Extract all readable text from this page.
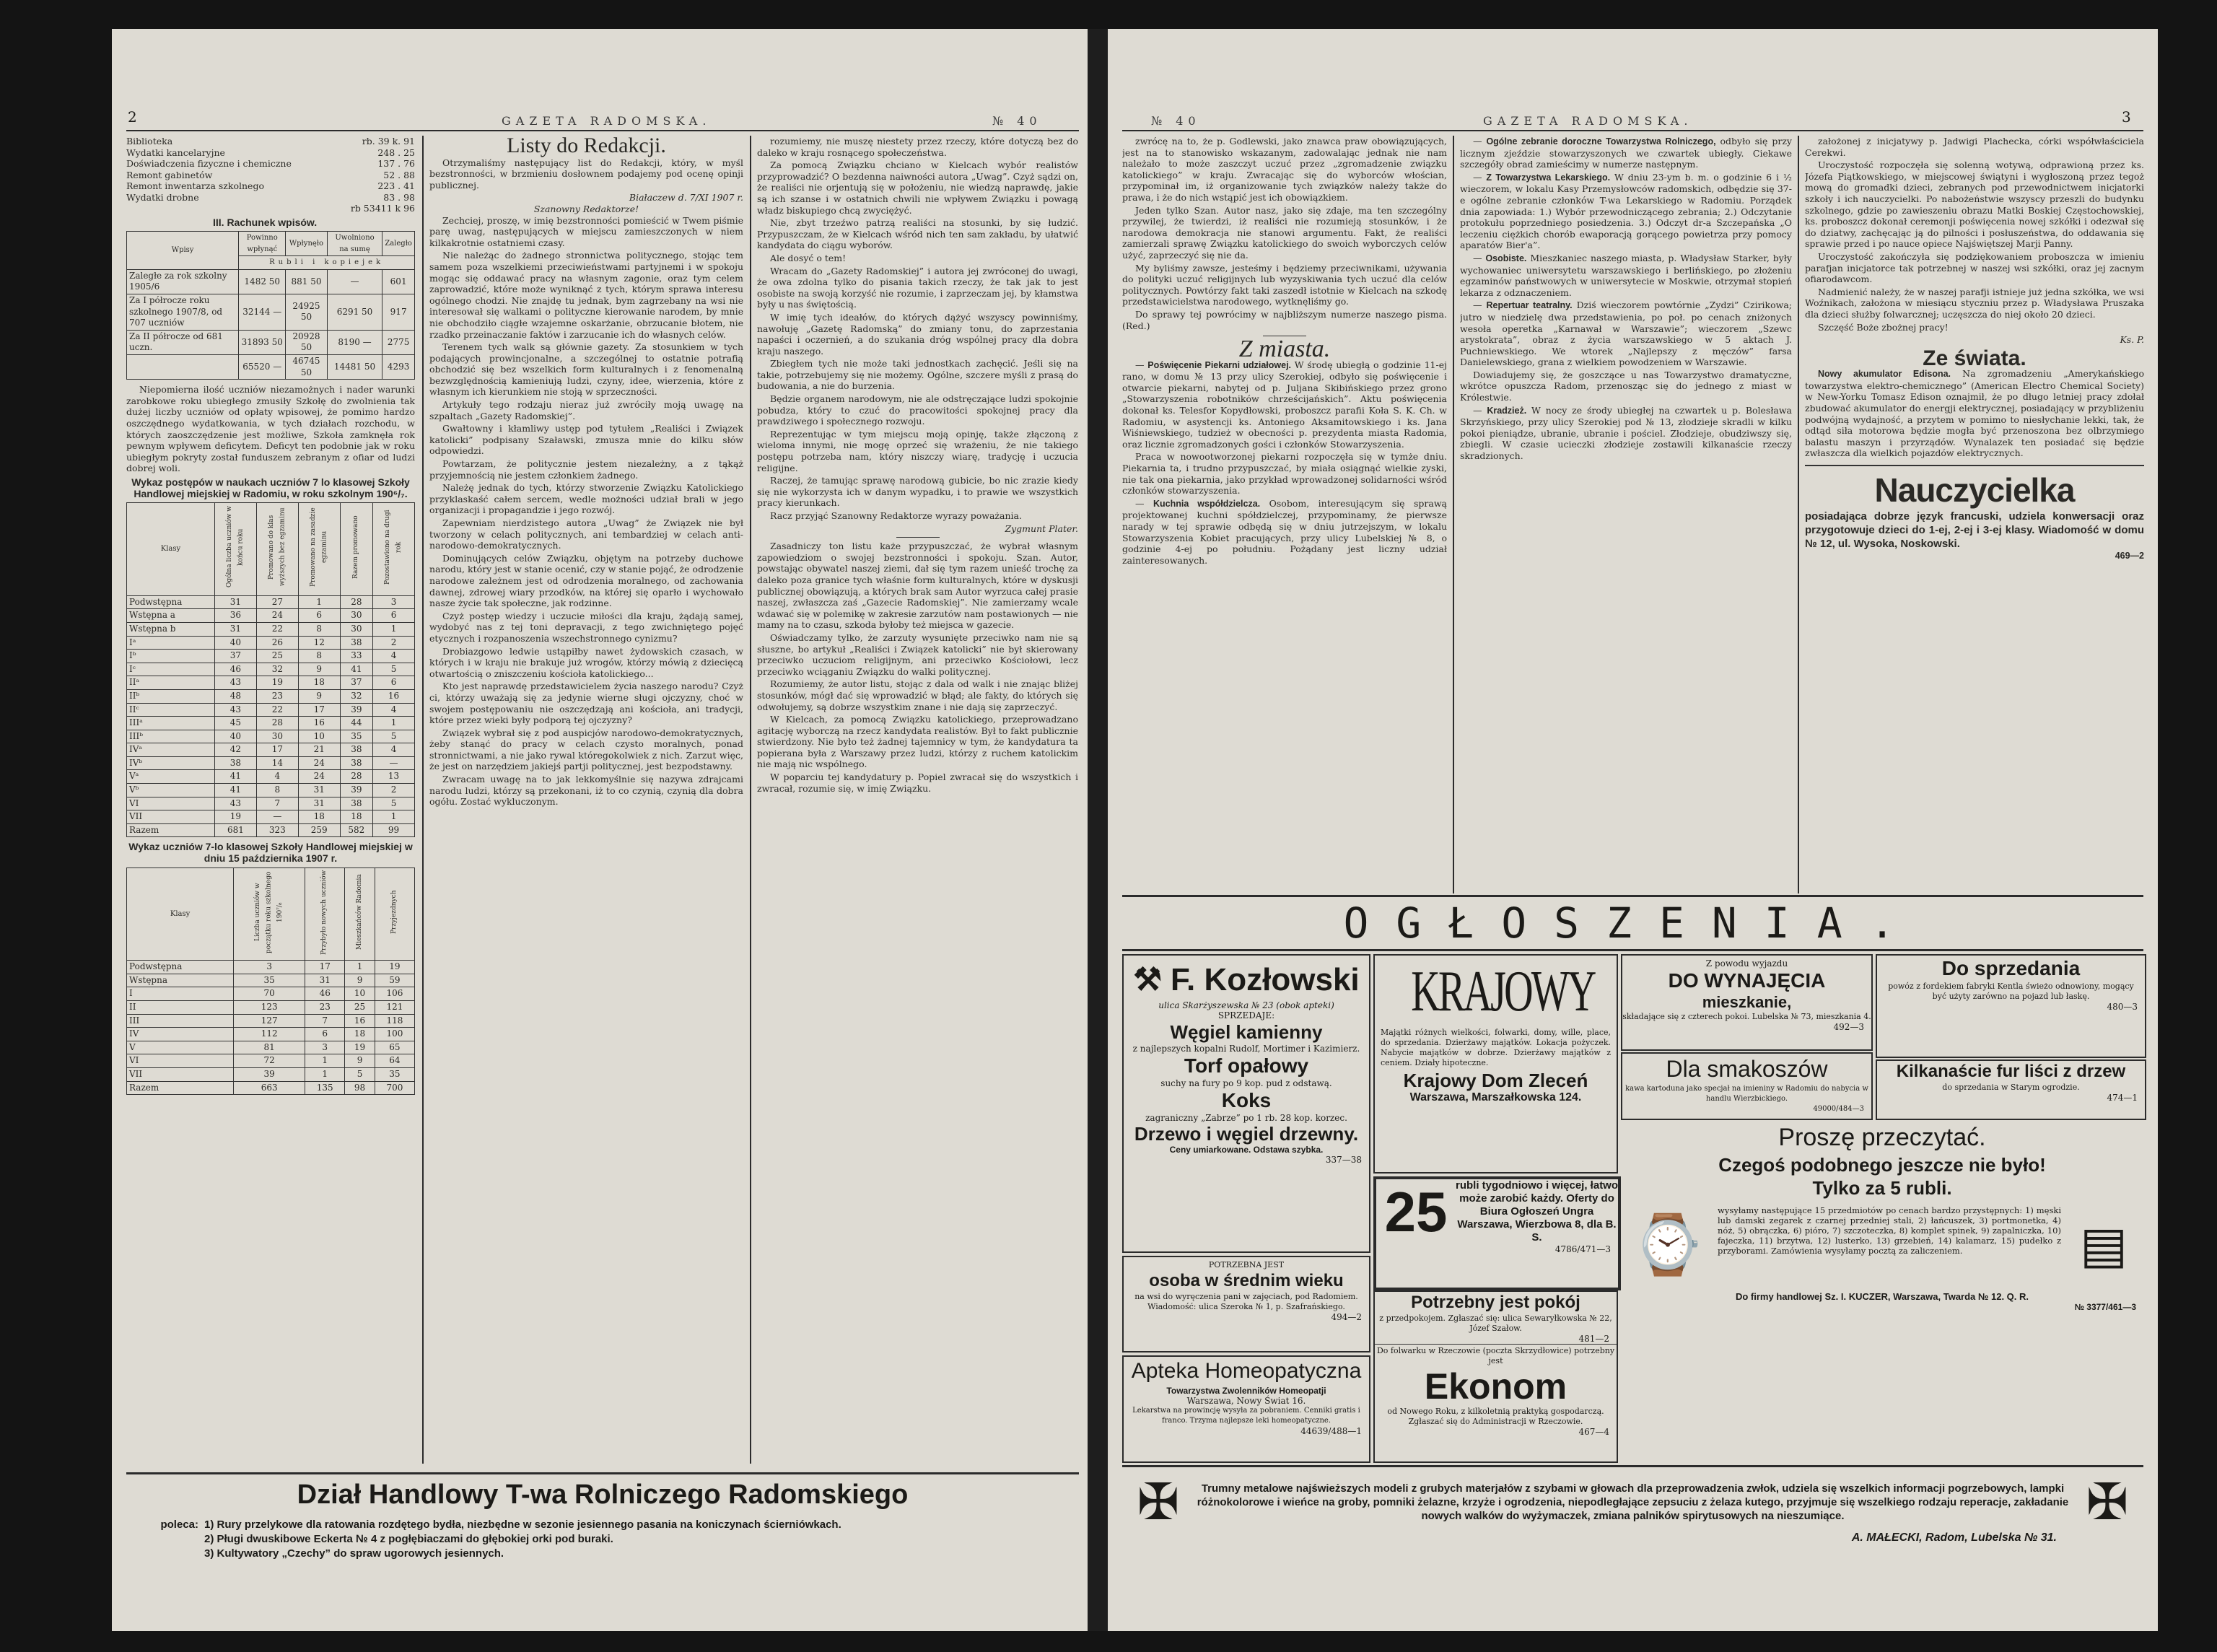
2	GAZETA RADOMSKA.	№ 40
Biblioteka	rb. 39 k. 91
Wydatki kancelaryjne	248 . 25
Doświadczenia fizyczne i chemiczne	137 . 76
Remont gabinetów	52 . 88
Remont inwentarza szkolnego	223 . 41
Wydatki drobne	83 . 98
rb 53411 k 96
III. Rachunek wpisów.
Wpisy	Powinno wpłynąć	Wpłynęło	Uwolniono na sumę	Zaległo
	Rubli i kopiejek			
Zaległe za rok szkolny 1905/6	1482 50	881 50	—	601
Za I półrocze roku szkolnego 1907/8, od 707 uczniów	32144 —	24925 50	6291 50	917
Za II półrocze od 681 uczn.	31893 50	20928 50	8190 —	2775
	65520 —	46745 50	14481 50	4293

Niepomierna ilość uczniów niezamożnych i nader warunki zarobkowe roku ubiegłego zmusiły Szkołę do zwolnienia tak dużej liczby uczniów od opłaty wpisowej, że pomimo hardzo oszczędnego wydatkowania, w tych działach rozchodu, w których zaoszczędzenie jest możliwe, Szkoła zamknęła rok pewnym wpływem deficytem. Deficyt ten podobnie jak w roku ubiegłym pokryty został funduszem zebranym z ofiar od ludzi dobrej woli.

Wykaz postępów w naukach uczniów 7 lo klasowej Szkoły Handlowej miejskiej w Radomiu, w roku szkolnym 190⁶/₇.
Klasy	Ogólna liczba uczniów w końcu roku	Promowano do klas wyższych bez egzaminu	Promowano na zasadzie egzaminu	Razem promowano	Pozostawiono na drugi rok
Podwstępna	31	27	1	28	3
Wstępna a	36	24	6	30	6
Wstępna b	31	22	8	30	1
Iᵃ	40	26	12	38	2
Iᵇ	37	25	8	33	4
Iᶜ	46	32	9	41	5
IIᵃ	43	19	18	37	6
IIᵇ	48	23	9	32	16
IIᶜ	43	22	17	39	4
IIIᵃ	45	28	16	44	1
IIIᵇ	40	30	10	35	5
IVᵃ	42	17	21	38	4
IVᵇ	38	14	24	38	—
Vᵃ	41	4	24	28	13
Vᵇ	41	8	31	39	2
VI	43	7	31	38	5
VII	19	—	18	18	1
Razem	681	323	259	582	99
Wykaz uczniów 7-lo klasowej Szkoły Handlowej miejskiej w dniu 15 października 1907 r.
Klasy	Liczba uczniów w początku roku szkolnego 190⁷/₈	Przybyło nowych uczniów	Mieszkańców Radomia	Przyjezdnych
Podwstępna	3	17	1	19
Wstępna	35	31	9	59
I	70	46	10	106
II	123	23	25	121
III	127	7	16	118
IV	112	6	18	100
V	81	3	19	65
VI	72	1	9	64
VII	39	1	5	35
Razem	663	135	98	700
Listy do Redakcji.

Otrzymaliśmy następujący list do Redakcji, który, w myśl bezstronności, w brzmieniu dosłownem podajemy pod ocenę opinji publicznej.

Białaczew d. 7/XI 1907 r.
Szanowny Redaktorze!

Zechciej, proszę, w imię bezstronności pomieścić w Twem piśmie parę uwag, następujących w miejscu zamieszczonych w niem kilkakrotnie ostatniemi czasy.

Nie należąc do żadnego stronnictwa politycznego, stojąc tem samem poza wszelkiemi przeciwieństwami partyjnemi i w spokoju mogąc się oddawać pracy na własnym zagonie, oraz tym celem zaprowadzić, które może wyniknąć z tych, którym sprawa interesu ogólnego chodzi. Nie znajdę tu jednak, bym zagrzebany na wsi nie interesował się walkami o polityczne kierowanie narodem, by mnie nie obchodziło ciągłe wzajemne oskarżanie, obrzucanie błotem, nie rzadko przeinaczanie faktów i zarzucanie ich do własnych celów.

Terenem tych walk są głównie gazety. Za stosunkiem w tych podających prowincjonalne, a szczególnej to ostatnie potrafią obchodzić się bez wszelkich form kulturalnych i z fenomenalną bezwzględnością kamieniują ludzi, czyny, idee, wierzenia, które z własnym ich kierunkiem nie stoją w sprzeczności.

Artykuły tego rodzaju nieraz już zwróciły moją uwagę na szpaltach „Gazety Radomskiej”.

Gwałtowny i kłamliwy ustęp pod tytułem „Realiści i Związek katolicki” podpisany Szaławski, zmusza mnie do kilku słów odpowiedzi.

Powtarzam, że politycznie jestem niezależny, a z tąkąż przyjemnością nie jestem członkiem żadnego.

Należę jednak do tych, którzy stworzenie Związku Katolickiego przyklaskaść całem sercem, wedle możności udział brali w jego organizacji i propagandzie i jego rozwój.

Zapewniam nierdzistego autora „Uwag” że Związek nie był tworzony w celach politycznych, ani tembardziej w celach anti-narodowo-demokratycznych.

Dominujących celów Związku, objętym na potrzeby duchowe narodu, który jest w stanie ocenić, czy w stanie pojąć, że odrodzenie narodowe zależnem jest od odrodzenia moralnego, od zachowania dawnej, zdrowej wiary przodków, na której się oparło i wychowało nasze życie tak społeczne, jak rodzinne.

Czyż postęp wiedzy i uczucie miłości dla kraju, żądają samej, wydobyć nas z tej toni depravacji, z tego zwichniętego pojęć etycznych i rozpanoszenia wszechstronnego cynizmu?

Drobiazgowo ledwie ustąpiłby nawet żydowskich czasach, w których i w kraju nie brakuje już wrogów, którzy mówią z dziecięcą otwartością o zniszczeniu kościoła katolickiego...

Kto jest naprawdę przedstawicielem życia naszego narodu? Czyż ci, którzy uważają się za jedynie wierne sługi ojczyzny, choć w swojem postępowaniu nie oszczędzają ani kościoła, ani tradycji, które przez wieki były podporą tej ojczyzny?

Związek wybrał się z pod auspicjów narodowo-demokratycznych, żeby stanąć do pracy w celach czysto moralnych, ponad stronnictwami, a nie jako rywal któregokolwiek z nich. Zarzut więc, że jest on narzędziem jakiejś partji politycznej, jest bezpodstawny.

Zwracam uwagę na to jak lekkomyślnie się nazywa zdrajcami narodu ludzi, którzy są przekonani, iż to co czynią, czynią dla dobra ogółu. Zostać wykluczonym.

rozumiemy, nie muszę niestety przez rzeczy, które dotyczą bez do daleko w kraju rosnącego społeczeństwa.

Za pomocą Związku chciano w Kielcach wybór realistów przyprowadzić? O bezdenna naiwności autora „Uwag”. Czyż sądzi on, że realiści nie orjentują się w położeniu, nie wiedzą naprawdę, jakie są ich szanse i w ostatnich chwili nie wpływem Związku i powagą władz biskupiego chcą zwyciężyć.

Nie, zbyt trzeźwo patrzą realiści na stosunki, by się łudzić. Przypuszczam, że w Kielcach wśród nich ten sam zakładu, by ułatwić kandydata do ciągu wyborów.

Ale dosyć o tem!

Wracam do „Gazety Radomskiej” i autora jej zwróconej do uwagi, że owa zdolna tylko do pisania takich rzeczy, że tak jak to jest osobiste na swoją korzyść nie rozumie, i zaprzeczam jej, by kłamstwa były u nas świętością.

W imię tych ideałów, do których dążyć wszyscy powinniśmy, nawołuję „Gazetę Radomską” do zmiany tonu, do zaprzestania napaści i oczernień, a do szukania dróg wspólnej pracy dla dobra kraju naszego.

Zbiegłem tych nie może taki jednostkach zachęcić. Jeśli się na takie, potrzebujemy się nie możemy. Ogólne, szczere myśli z prasą do budowania, a nie do burzenia.

Będzie organem narodowym, nie ale odstręczające ludzi spokojnie pobudza, który to czuć do pracowitości spokojnej pracy dla prawdziwego i społecznego rozwoju.

Reprezentując w tym miejscu moją opinję, także złączoną z wieloma innymi, nie mogę oprzeć się wrażeniu, że nie takiego postępu potrzeba nam, który niszczy wiarę, tradycję i uczucia religijne.

Raczej, że tamując sprawę narodową gubicie, bo nic zrazie kiedy się nie wykorzysta ich w danym wypadku, i to prawie we wszystkich pracy kierunkach.

Racz przyjąć Szanowny Redaktorze wyrazy poważania.

Zygmunt Plater.

Zasadniczy ton listu każe przypuszczać, że wybrał własnym zapowiedziom o swojej bezstronności i spokoju. Szan. Autor, powstając obywatel naszej ziemi, dał się tym razem unieść trochę za daleko poza granice tych właśnie form kulturalnych, które w dyskusji publicznej obowiązują, a których brak sam Autor wyrzuca całej prasie naszej, zwłaszcza zaś „Gazecie Radomskiej”. Nie zamierzamy wcale wdawać się w polemikę w zakresie zarzutów nam postawionych — nie mamy na to czasu, szkoda byłoby też miejsca w gazecie.

Oświadczamy tylko, że zarzuty wysunięte przeciwko nam nie są słuszne, bo artykuł „Realiści i Związek katolicki” nie był skierowany przeciwko uczuciom religijnym, ani przeciwko Kościołowi, lecz przeciwko wciąganiu Związku do walki politycznej.

Rozumiemy, że autor listu, stojąc z dala od walk i nie znając bliżej stosunków, mógł dać się wprowadzić w błąd; ale fakty, do których się odwołujemy, są dobrze wszystkim znane i nie dają się zaprzeczyć.

W Kielcach, za pomocą Związku katolickiego, przeprowadzano agitację wyborczą na rzecz kandydata realistów. Był to fakt publicznie stwierdzony. Nie było też żadnej tajemnicy w tym, że kandydatura ta popierana była z Warszawy przez ludzi, którzy z ruchem katolickim nie mają nic wspólnego.

W poparciu tej kandydatury p. Popiel zwracał się do wszystkich i zwracał, rozumie się, w imię Związku.

Dział Handlowy T-wa Rolniczego Radomskiego
poleca: 1) Rury przelykowe dla ratowania rozdętego bydła, niezbędne w sezonie jesiennego pasania na koniczynach ścierniówkach.
2) Pługi dwuskibowe Eckerta № 4 z pogłębiaczami do głębokiej orki pod buraki.
3) Kultywatory „Czechy” do spraw ugorowych jesiennych.
№ 40	GAZETA RADOMSKA.	3

zwrócę na to, że p. Godlewski, jako znawca praw obowiązujących, jest na to stanowisko wskazanym, zadowalając jednak nie nam należało to może zaszczyt uczuć przez „zgromadzenie związku katolickiego” w kraju. Zwracając się do wyborców włościan, przypominał im, iż organizowanie tych związków należy także do prawa, i że do nich wstąpić jest ich obowiązkiem.

Jeden tylko Szan. Autor nasz, jako się zdaje, ma ten szczególny przywilej, że twierdzi, iż realiści nie rozumieją stosunków, i że narodowa demokracja nie stanowi argumentu. Fakt, że realiści zamierzali sprawę Związku katolickiego do swoich wyborczych celów użyć, zaprzeczyć się nie da.

My byliśmy zawsze, jesteśmy i będziemy przeciwnikami, używania do polityki uczuć religijnych lub wyzyskiwania tych uczuć dla celów politycznych. Powtórzy fakt taki zaszedł istotnie w Kielcach na szkodę przedstawicielstwa narodowego, wytknęliśmy go.

Do sprawy tej powrócimy w najbliższym numerze naszego pisma. (Red.)

Z miasta.

— Poświęcenie Piekarni udziałowej. W środę ubiegłą o godzinie 11-ej rano, w domu № 13 przy ulicy Szerokiej, odbyło się poświęcenie i otwarcie piekarni, nabytej od p. Juljana Skibińskiego przez grono „Stowarzyszenia robotników chrześcijańskich”. Aktu poświęcenia dokonał ks. Telesfor Kopydłowski, proboszcz parafii Koła S. K. Ch. w Radomiu, w asystencji ks. Antoniego Aksamitowskiego i ks. Jana Wiśniewskiego, tudzież w obecności p. prezydenta miasta Radomia, oraz licznie zgromadzonych gości i członków Stowarzyszenia.

Praca w nowootworzonej piekarni rozpoczęła się w tymże dniu. Piekarnia ta, i trudno przypuszczać, by miała osiągnąć wielkie zyski, nie tak ona piekarnia, jako przykład wprowadzonej solidarności wśród członków stowarzyszenia.

— Kuchnia współdzielcza. Osobom, interesującym się sprawą projektowanej kuchni spółdzielczej, przypominamy, że pierwsze narady w tej sprawie odbędą się w dniu jutrzejszym, w lokalu Stowarzyszenia Kobiet pracujących, przy ulicy Lubelskiej № 8, o godzinie 4-ej po południu. Pożądany jest liczny udział zainteresowanych.

— Ogólne zebranie doroczne Towarzystwa Rolniczego, odbyło się przy licznym zjeździe stowarzyszonych we czwartek ubiegły. Ciekawe szczegóły obrad zamieścimy w numerze następnym.

— Z Towarzystwa Lekarskiego. W dniu 23-ym b. m. o godzinie 6 i ½ wieczorem, w lokalu Kasy Przemysłowców radomskich, odbędzie się 37-e ogólne zebranie członków T-wa Lekarskiego w Radomiu. Porządek dnia zapowiada: 1.) Wybór przewodniczącego zebrania; 2.) Odczytanie protokułu poprzedniego posiedzenia. 3.) Odczyt dr-a Szczepańska „O leczeniu ciężkich chorób ewaporacją gorącego powietrza przy pomocy aparatów Bier'a”.

— Osobiste. Mieszkaniec naszego miasta, p. Władysław Starker, były wychowaniec uniwersytetu warszawskiego i berlińskiego, po złożeniu egzaminów państwowych w uniwersytecie w Moskwie, otrzymał stopień lekarza z odznaczeniem.

— Repertuar teatralny. Dziś wieczorem powtórnie „Zydzi” Czirikowa; jutro w niedzielę dwa przedstawienia, po poł. po cenach zniżonych wesoła operetka „Karnawał w Warszawie”; wieczorem „Szewc arystokrata”, obraz z życia warszawskiego w 5 aktach J. Puchniewskiego. We wtorek „Najlepszy z męczów” farsa Danielewskiego, grana z wielkiem powodzeniem w Warszawie.

Dowiadujemy się, że goszczące u nas Towarzystwo dramatyczne, wkrótce opuszcza Radom, przenosząc się do jednego z miast w Królestwie.

— Kradzież. W nocy ze środy ubiegłej na czwartek u p. Bolesława Skrzyńskiego, przy ulicy Szerokiej pod № 13, złodzieje skradli w kilku pokoi pieniądze, ubranie, ubranie i pościel. Złodzieje, obudziwszy się, zbiegli. W czasie ucieczki złodzieje zostawili kilkanaście rzeczy skradzionych.

założonej z inicjatywy p. Jadwigi Plachecka, córki współwłaściciela Cerekwi.

Uroczystość rozpoczęła się solenną wotywą, odprawioną przez ks. Józefa Piątkowskiego, w miejscowej świątyni i wygłoszoną przez tegoż mową do gromadki dzieci, zebranych pod przewodnictwem inicjatorki szkoły i ich nauczycielki. Po nabożeństwie wszyscy przeszli do budynku szkolnego, gdzie po zawieszeniu obrazu Matki Boskiej Częstochowskiej, ks. proboszcz dokonał ceremonji poświęcenia nowej szkółki i odezwał się do dziatwy, zachęcając ją do pilności i posłuszeństwa, do oddawania się sprawie przed i po nauce opiece Najświętszej Marji Panny.

Uroczystość zakończyła się podziękowaniem proboszcza w imieniu parafjan inicjatorce tak potrzebnej w naszej wsi szkółki, oraz jej zacnym ofiarodawcom.

Nadmienić należy, że w naszej parafji istnieje już jedna szkółka, we wsi Woźnikach, założona w miesiącu styczniu przez p. Władysława Pruszaka dla dzieci służby folwarcznej; uczęszcza do niej około 20 dzieci.

Szczęść Boże zbożnej pracy!

Ks. P.
Ze świata.

Nowy akumulator Edisona. Na zgromadzeniu „Amerykańskiego towarzystwa elektro-chemicznego” (American Electro Chemical Society) w New-Yorku Tomasz Edison oznajmił, że po długo letniej pracy zdołał zbudować akumulator do energji elektrycznej, posiadający w przybliżeniu podwójną wydajność, a przytem w pomimo to niesłychanie lekki, tak, że odtąd siła motorowa będzie mogła być przenoszona bez olbrzymiego balastu maszyn i przyrządów. Wynalazek ten posiadać się będzie zwłaszcza dla wielkich pojazdów elektrycznych.

Nauczycielka
posiadająca dobrze język francuski, udziela konwersacji oraz przygotowuje dzieci do 1-ej, 2-ej i 3-ej klasy. Wiadomość w domu № 12, ul. Wysoka, Noskowski.
469—2
OGŁOSZENIA.
⚒ F. Kozłowski
ulica Skarżyszewska № 23 (obok apteki)
SPRZEDAJE:
Węgiel kamienny
z najlepszych kopalni Rudolf, Mortimer i Kazimierz.
Torf opałowy
suchy na fury po 9 kop. pud z odstawą.
Koks
zagraniczny „Zabrze” po 1 rb. 28 kop. korzec.
Drzewo i węgiel drzewny.
Ceny umiarkowane. Odstawa szybka.
337—38
POTRZEBNA JEST
osoba w średnim wieku
na wsi do wyręczenia pani w zajęciach, pod Radomiem. Wiadomość: ulica Szeroka № 1, p. Szafrańskiego.
494—2
Apteka Homeopatyczna
Towarzystwa Zwolenników Homeopatji
Warszawa, Nowy Świat 16.
Lekarstwa na prowincję wysyła za pobraniem. Cenniki gratis i franco. Trzyma najlepsze leki homeopatyczne.
44639/488—1
KRAJOWY
Majątki różnych wielkości, folwarki, domy, wille, place, do sprzedania. Dzierżawy majątków. Lokacja pożyczek. Nabycie majątków w dobrze. Dzierżawy majątków z ceniem. Działy hipoteczne.
Krajowy Dom Zleceń
Warszawa, Marszałkowska 124.
25 rubli tygodniowo i więcej, łatwo może zarobić każdy. Oferty do Biura Ogłoszeń Ungra Warszawa, Wierzbowa 8, dla B. S.
4786/471—3
Potrzebny jest pokój
z przedpokojem. Zgłaszać się: ulica Sewaryłkowska № 22, Józef Szałow.
481—2
Do folwarku w Rzeczowie (poczta Skrzydłowice) potrzebny jest
Ekonom
od Nowego Roku, z kilkoletnią praktyką gospodarczą. Zgłaszać się do Administracji w Rzeczowie.
467—4
Z powodu wyjazdu
DO WYNAJĘCIA
mieszkanie,
składające się z czterech pokoi. Lubelska № 73, mieszkania 4.
492—3
Dla smakoszów
kawa kartoduna jako specjał na imieniny w Radomiu do nabycia w handlu Wierzbickiego.
49000/484—3
Do sprzedania
powóz z fordekiem fabryki Kentla świeżo odnowiony, mogący być użyty zarówno na pojazd lub łaskę.
480—3
Kilkanaście fur liści z drzew
do sprzedania w Starym ogrodzie.
474—1
Proszę przeczytać.
Czegoś podobnego jeszcze nie było!
Tylko za 5 rubli.
⌚
wysyłamy następujące 15 przedmiotów po cenach bardzo przystępnych: 1) męski lub damski zegarek z czarnej przedniej stali, 2) łańcuszek, 3) portmonetka, 4) nóż, 5) obrączka, 6) pióro, 7) szczoteczka, 8) komplet spinek, 9) zapalniczka, 10) fajeczka, 11) brzytwa, 12) lusterko, 13) grzebień, 14) kalamarz, 15) pudełko z przyborami. Zamówienia wysyłamy pocztą za zaliczeniem.	▤
Do firmy handlowej Sz. I. KUCZER, Warszawa, Twarda № 12. Q. R.
№ 3377/461—3
✠	Trumny metalowe najświeższych modeli z grubych materjałów z szybami w głowach dla przeprowadzenia zwłok, udziela się wszelkich informacji pogrzebowych, lampki różnokolorowe i wieńce na groby, pomniki żelazne, krzyże i ogrodzenia, niepodległające zepsuciu z żelaza kutego, przyjmuje się wszelkiego rodzaju reperacje, zakładanie nowych walków do wyżymaczek, zmiana palników spirytusowych na nieszumiące.	✠
A. MAŁECKI, Radom, Lubelska № 31.
